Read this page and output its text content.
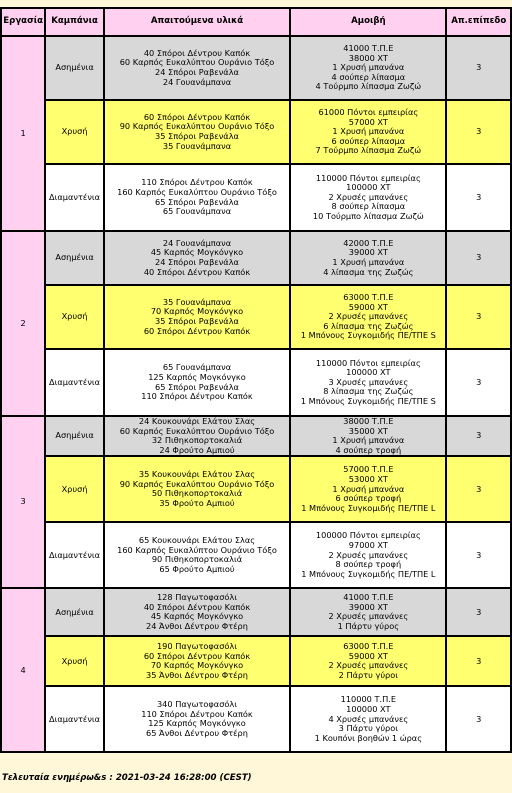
Εργασία	Καμπάνια	Απαιτούμενα υλικά	Αμοιβή	Απ.επίπεδο
1	Ασημένια	40 Σπόροι Δέντρου Καπόκ
60 Καρπός Ευκαλύπτου Ουράνιο Τόξο
24 Σπόροι Ραβενάλα
24 Γουανάμπανα	41000 Τ.Π.Ε
38000 XT
1 Χρυσή μπανάνα
4 σούπερ λίπασμα
4 Τούρμπο λίπασμα Ζωζώ	3
	Χρυσή	60 Σπόροι Δέντρου Καπόκ
90 Καρπός Ευκαλύπτου Ουράνιο Τόξο
35 Σπόροι Ραβενάλα
35 Γουανάμπανα	61000 Πόντοι εμπειρίας
57000 XT
1 Χρυσή μπανάνα
6 σούπερ λίπασμα
7 Τούρμπο λίπασμα Ζωζώ	3
	Διαμαντένια	110 Σπόροι Δέντρου Καπόκ
160 Καρπός Ευκαλύπτου Ουράνιο Τόξο
65 Σπόροι Ραβενάλα
65 Γουανάμπανα	110000 Πόντοι εμπειρίας
100000 XT
2 Χρυσές μπανάνες
8 σούπερ λίπασμα
10 Τούρμπο λίπασμα Ζωζώ	3
2	Ασημένια	24 Γουανάμπανα
45 Καρπός Μογκόνγκο
24 Σπόροι Ραβενάλα
40 Σπόροι Δέντρου Καπόκ	42000 Τ.Π.Ε
39000 XT
1 Χρυσή μπανάνα
4 λίπασμα της Ζωζώς	3
	Χρυσή	35 Γουανάμπανα
70 Καρπός Μογκόνγκο
35 Σπόροι Ραβενάλα
60 Σπόροι Δέντρου Καπόκ	63000 Τ.Π.Ε
59000 XT
2 Χρυσές μπανάνες
6 λίπασμα της Ζωζώς
1 Μπόνους Συγκομιδής ΠΕ/ΤΠΕ S	3
	Διαμαντένια	65 Γουανάμπανα
125 Καρπός Μογκόνγκο
65 Σπόροι Ραβενάλα
110 Σπόροι Δέντρου Καπόκ	110000 Πόντοι εμπειρίας
100000 XT
3 Χρυσές μπανάνες
8 λίπασμα της Ζωζώς
1 Μπόνους Συγκομιδής ΠΕ/ΤΠΕ S	3
3	Ασημένια	24 Κουκουνάρι Ελάτου Σλας
60 Καρπός Ευκαλύπτου Ουράνιο Τόξο
32 Πιθηκοπορτοκαλιά
24 Φρούτο Αμπιού	38000 Τ.Π.Ε
35000 XT
1 Χρυσή μπανάνα
4 σούπερ τροφή	3
	Χρυσή	35 Κουκουνάρι Ελάτου Σλας
90 Καρπός Ευκαλύπτου Ουράνιο Τόξο
50 Πιθηκοπορτοκαλιά
35 Φρούτο Αμπιού	57000 Τ.Π.Ε
53000 XT
1 Χρυσή μπανάνα
6 σούπερ τροφή
1 Μπόνους Συγκομιδής ΠΕ/ΤΠΕ L	3
	Διαμαντένια	65 Κουκουνάρι Ελάτου Σλας
160 Καρπός Ευκαλύπτου Ουράνιο Τόξο
90 Πιθηκοπορτοκαλιά
65 Φρούτο Αμπιού	100000 Πόντοι εμπειρίας
97000 XT
2 Χρυσές μπανάνες
8 σούπερ τροφή
1 Μπόνους Συγκομιδής ΠΕ/ΤΠΕ L	3
4	Ασημένια	128 Παγωτοφασόλι
40 Σπόροι Δέντρου Καπόκ
45 Καρπός Μογκόνγκο
24 Άνθοι Δέντρου Φτέρη	41000 Τ.Π.Ε
39000 XT
2 Χρυσές μπανάνες
1 Πάρτυ γύρος	3
	Χρυσή	190 Παγωτοφασόλι
60 Σπόροι Δέντρου Καπόκ
70 Καρπός Μογκόνγκο
35 Άνθοι Δέντρου Φτέρη	63000 Τ.Π.Ε
59000 XT
2 Χρυσές μπανάνες
2 Πάρτυ γύροι	3
	Διαμαντένια	340 Παγωτοφασόλι
110 Σπόροι Δέντρου Καπόκ
125 Καρπός Μογκόνγκο
65 Άνθοι Δέντρου Φτέρη	110000 Τ.Π.Ε
100000 XT
4 Χρυσές μπανάνες
3 Πάρτυ γύροι
1 Κουπόνι βοηθών 1 ώρας	3
Τελευταία ενημέρω&s : 2021-03-24 16:28:00 (CEST)
